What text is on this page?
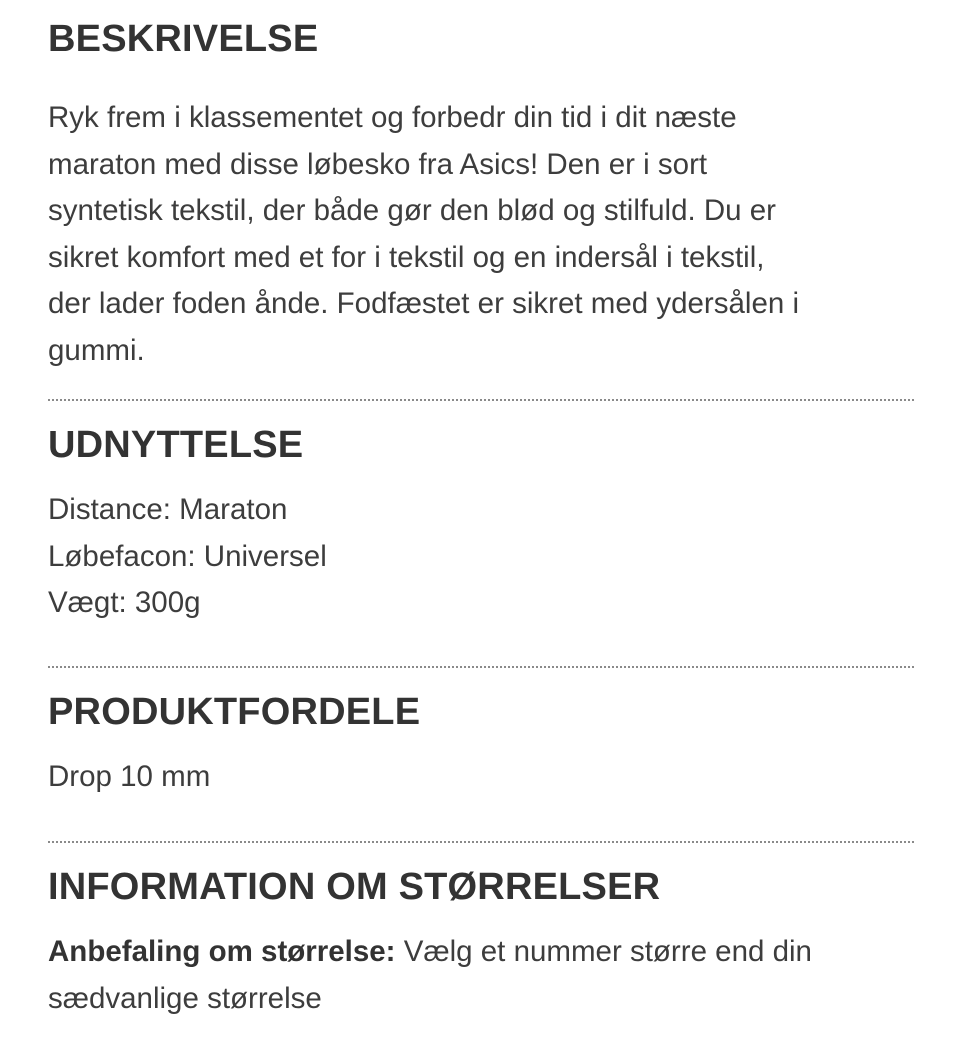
BESKRIVELSE

Ryk frem i klassementet og forbedr din tid i dit næste
maraton med disse løbesko fra Asics! Den er i sort
syntetisk tekstil, der både gør den blød og stilfuld. Du er
sikret komfort med et for i tekstil og en indersål i tekstil,
der lader foden ånde. Fodfæstet er sikret med ydersålen i
gummi.

UDNYTTELSE

Distance: Maraton
Løbefacon: Universel
Vægt: 300g

PRODUKTFORDELE

Drop 10 mm

INFORMATION OM STØRRELSER

Anbefaling om størrelse: Vælg et nummer større end din
sædvanlige størrelse
